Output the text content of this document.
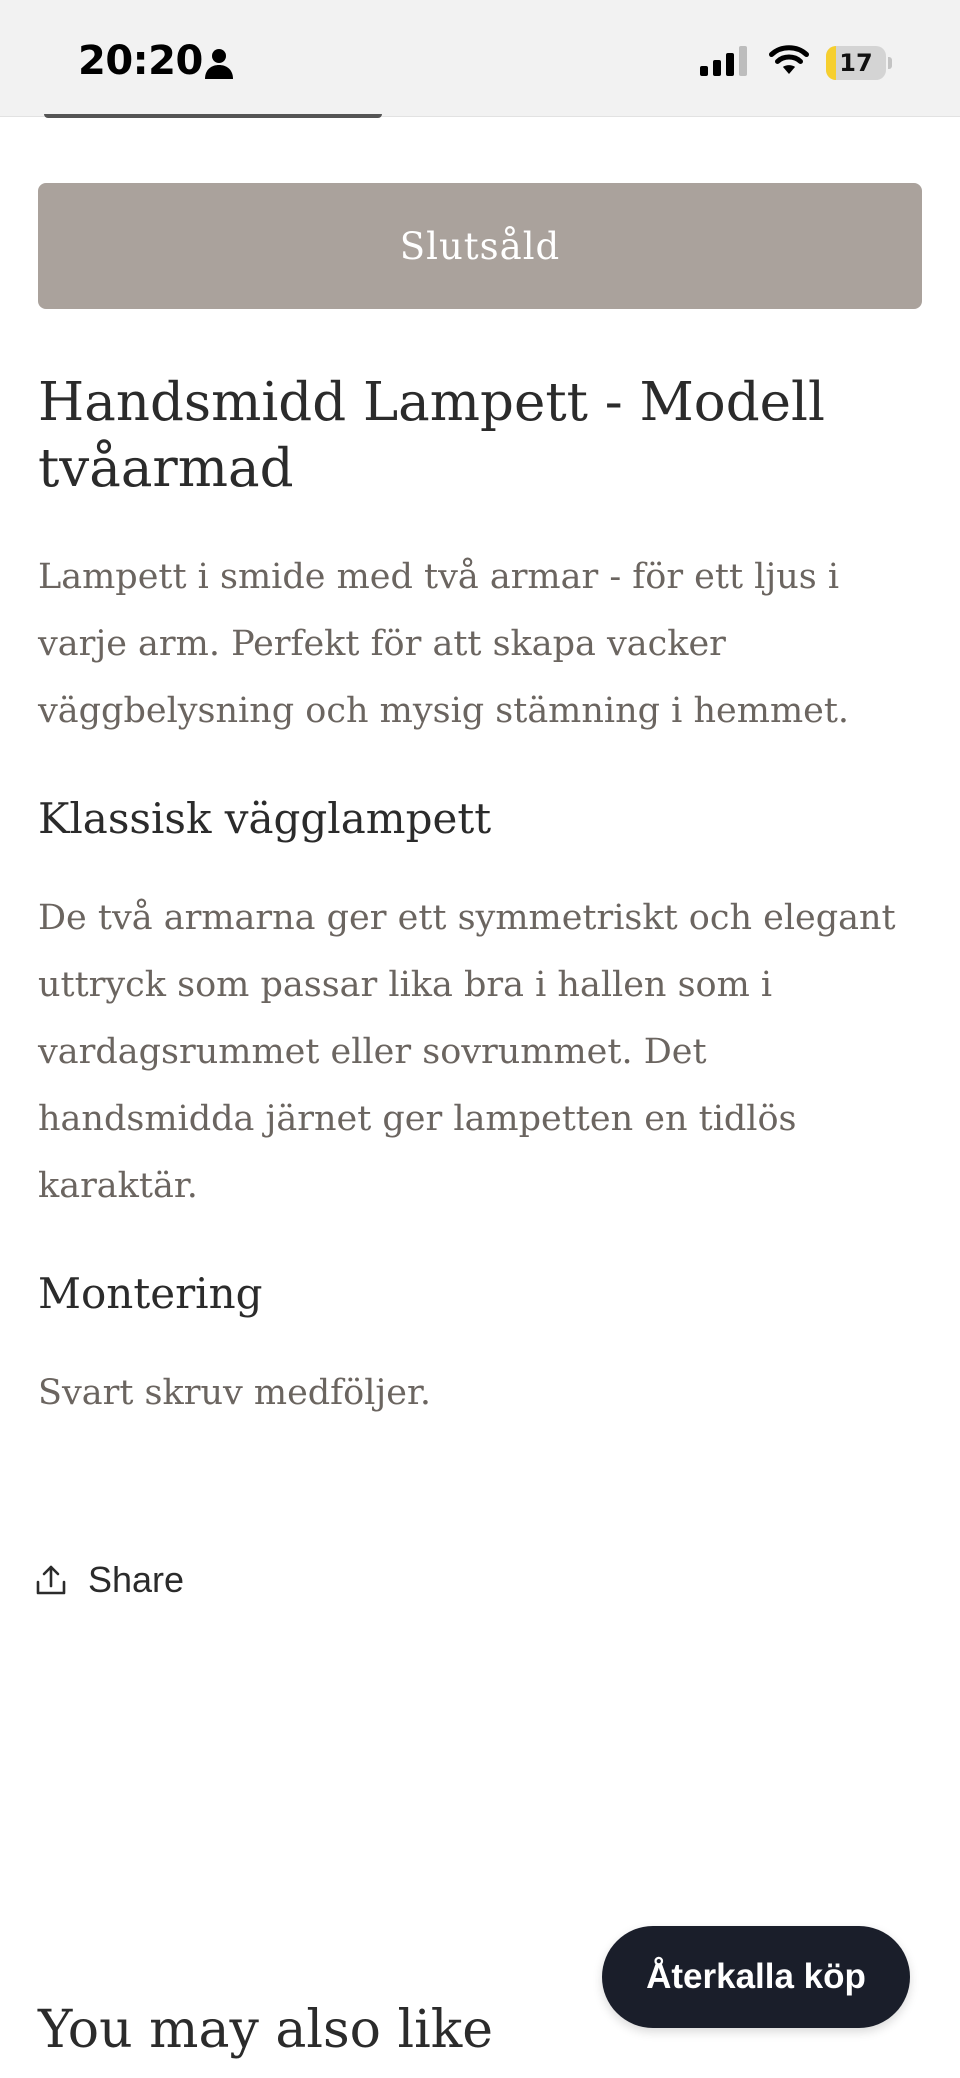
20:20	17
Slutsåld
Handsmidd Lampett - Modell tvåarmad

Lampett i smide med två armar - för ett ljus i varje arm. Perfekt för att skapa vacker väggbelysning och mysig stämning i hemmet.

Klassisk vägglampett

De två armarna ger ett symmetriskt och elegant uttryck som passar lika bra i hallen som i vardagsrummet eller sovrummet. Det handsmidda järnet ger lampetten en tidlös karaktär.

Montering

Svart skruv medföljer.

Share
You may also like
Återkalla köp
